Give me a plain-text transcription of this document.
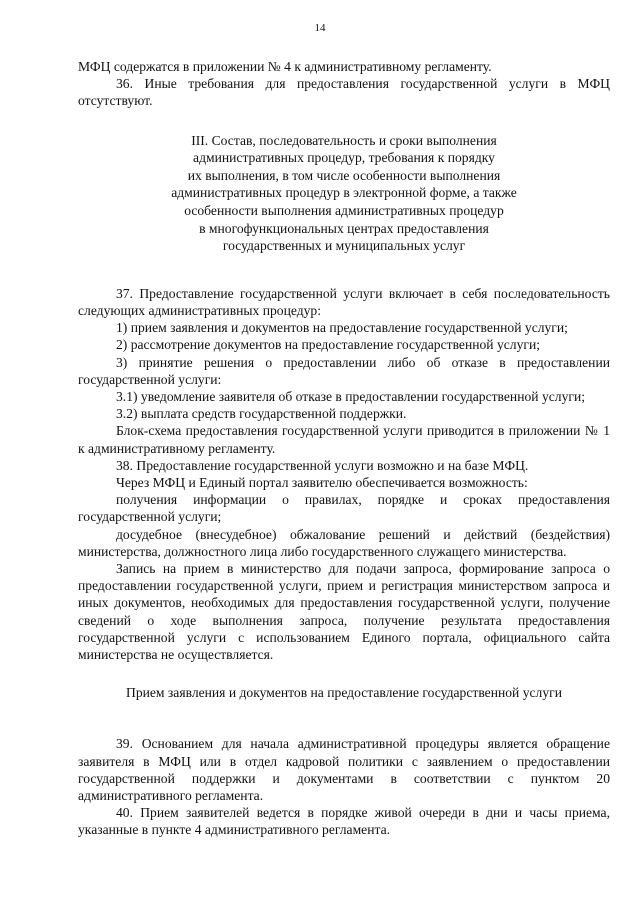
14

МФЦ содержатся в приложении № 4 к административному регламенту.

36. Иные требования для предоставления государственной услуги в МФЦ отсутствуют.

III. Состав, последовательность и сроки выполнения
административных процедур, требования к порядку
их выполнения, в том числе особенности выполнения
административных процедур в электронной форме, а также
особенности выполнения административных процедур
в многофункциональных центрах предоставления
государственных и муниципальных услуг

37. Предоставление государственной услуги включает в себя последовательность следующих административных процедур:

1) прием заявления и документов на предоставление государственной услуги;

2) рассмотрение документов на предоставление государственной услуги;

3) принятие решения о предоставлении либо об отказе в предоставлении государственной услуги:

3.1) уведомление заявителя об отказе в предоставлении государственной услуги;

3.2) выплата средств государственной поддержки.

Блок-схема предоставления государственной услуги приводится в приложении № 1 к административному регламенту.

38. Предоставление государственной услуги возможно и на базе МФЦ.

Через МФЦ и Единый портал заявителю обеспечивается возможность:

получения информации о правилах, порядке и сроках предоставления государственной услуги;

досудебное (внесудебное) обжалование решений и действий (бездействия) министерства, должностного лица либо государственного служащего министерства.

Запись на прием в министерство для подачи запроса, формирование запроса о предоставлении государственной услуги, прием и регистрация министерством запроса и иных документов, необходимых для предоставления государственной услуги, получение сведений о ходе выполнения запроса, получение результата предоставления государственной услуги с использованием Единого портала, официального сайта министерства не осуществляется.

Прием заявления и документов на предоставление государственной услуги

39. Основанием для начала административной процедуры является обращение заявителя в МФЦ или в отдел кадровой политики с заявлением о предоставлении государственной поддержки и документами в соответствии с пунктом 20 административного регламента.

40. Прием заявителей ведется в порядке живой очереди в дни и часы приема, указанные в пункте 4 административного регламента.
